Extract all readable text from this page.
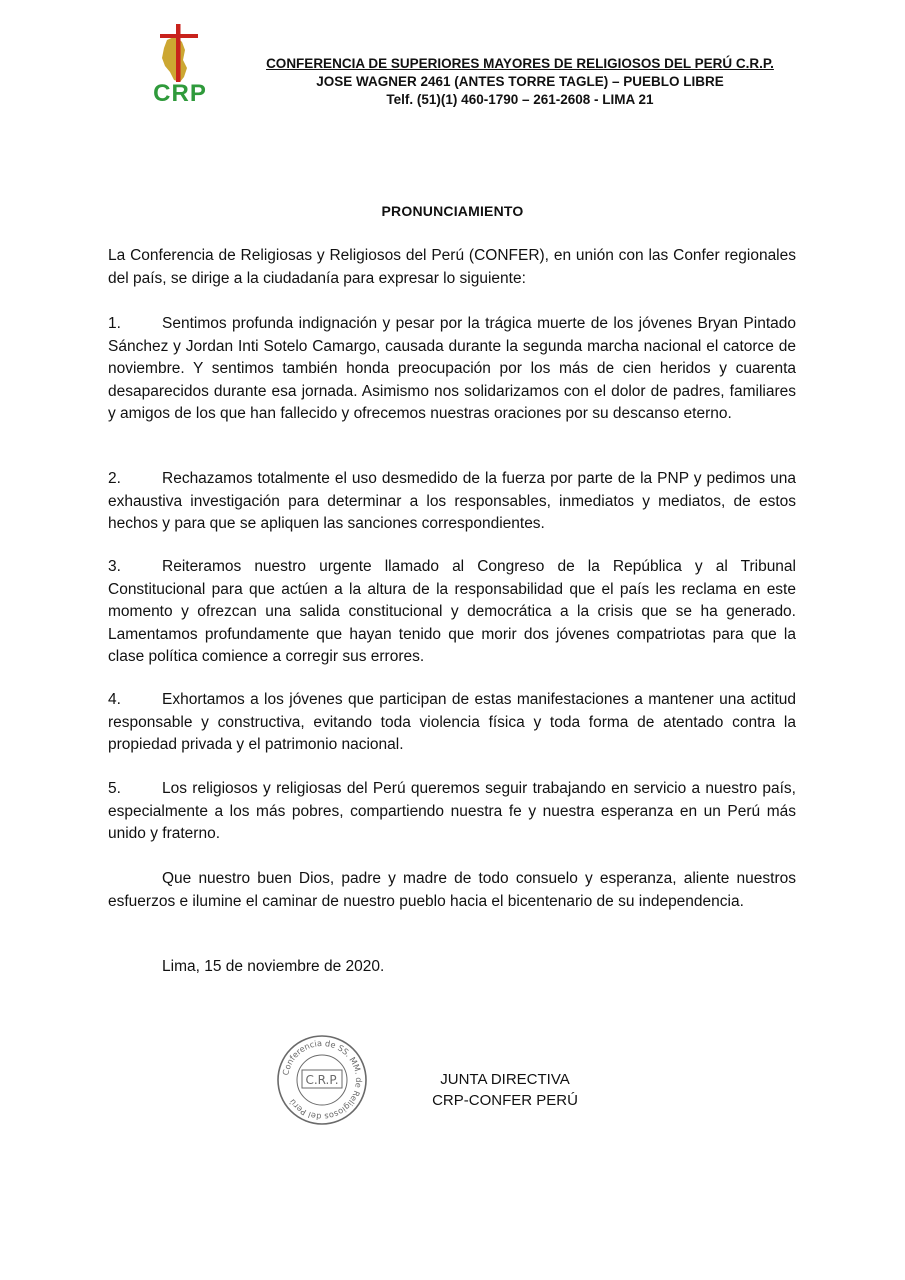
CRP
CONFERENCIA DE SUPERIORES MAYORES DE RELIGIOSOS DEL PERÚ C.R.P.
JOSE WAGNER 2461 (ANTES TORRE TAGLE) – PUEBLO LIBRE
Telf. (51)(1) 460-1790 – 261-2608 - LIMA 21
PRONUNCIAMIENTO

La Conferencia de Religiosas y Religiosos del Perú (CONFER), en unión con las Confer regionales del país, se dirige a la ciudadanía para expresar lo siguiente:

1.	Sentimos profunda indignación y pesar por la trágica muerte de los jóvenes Bryan Pintado Sánchez y Jordan Inti Sotelo Camargo, causada durante la segunda marcha nacional el catorce de noviembre. Y sentimos también honda preocupación por los más de cien heridos y cuarenta desaparecidos durante esa jornada. Asimismo nos solidarizamos con el dolor de padres, familiares y amigos de los que han fallecido y ofrecemos nuestras oraciones por su descanso eterno.

2.	Rechazamos totalmente el uso desmedido de la fuerza por parte de la PNP y pedimos una exhaustiva investigación para determinar a los responsables, inmediatos y mediatos, de estos hechos y para que se apliquen las sanciones correspondientes.

3.	Reiteramos nuestro urgente llamado al Congreso de la República y al Tribunal Constitucional para que actúen a la altura de la responsabilidad que el país les reclama en este momento y ofrezcan una salida constitucional y democrática a la crisis que se ha generado. Lamentamos profundamente que hayan tenido que morir dos jóvenes compatriotas para que la clase política comience a corregir sus errores.

4.	Exhortamos a los jóvenes que participan de estas manifestaciones a mantener una actitud responsable y constructiva, evitando toda violencia física y toda forma de atentado contra la propiedad privada y el patrimonio nacional.

5.	Los religiosos y religiosas del Perú queremos seguir trabajando en servicio a nuestro país, especialmente a los más pobres, compartiendo nuestra fe y nuestra esperanza en un Perú más unido y fraterno.

Que nuestro buen Dios, padre y madre de todo consuelo y esperanza, aliente nuestros esfuerzos e ilumine el caminar de nuestro pueblo hacia el bicentenario de su independencia.

Lima, 15 de noviembre de 2020.
Conferencia de SS. MM. de Religiosos del Perú
C.R.P.	JUNTA DIRECTIVA
CRP-CONFER PERÚ
